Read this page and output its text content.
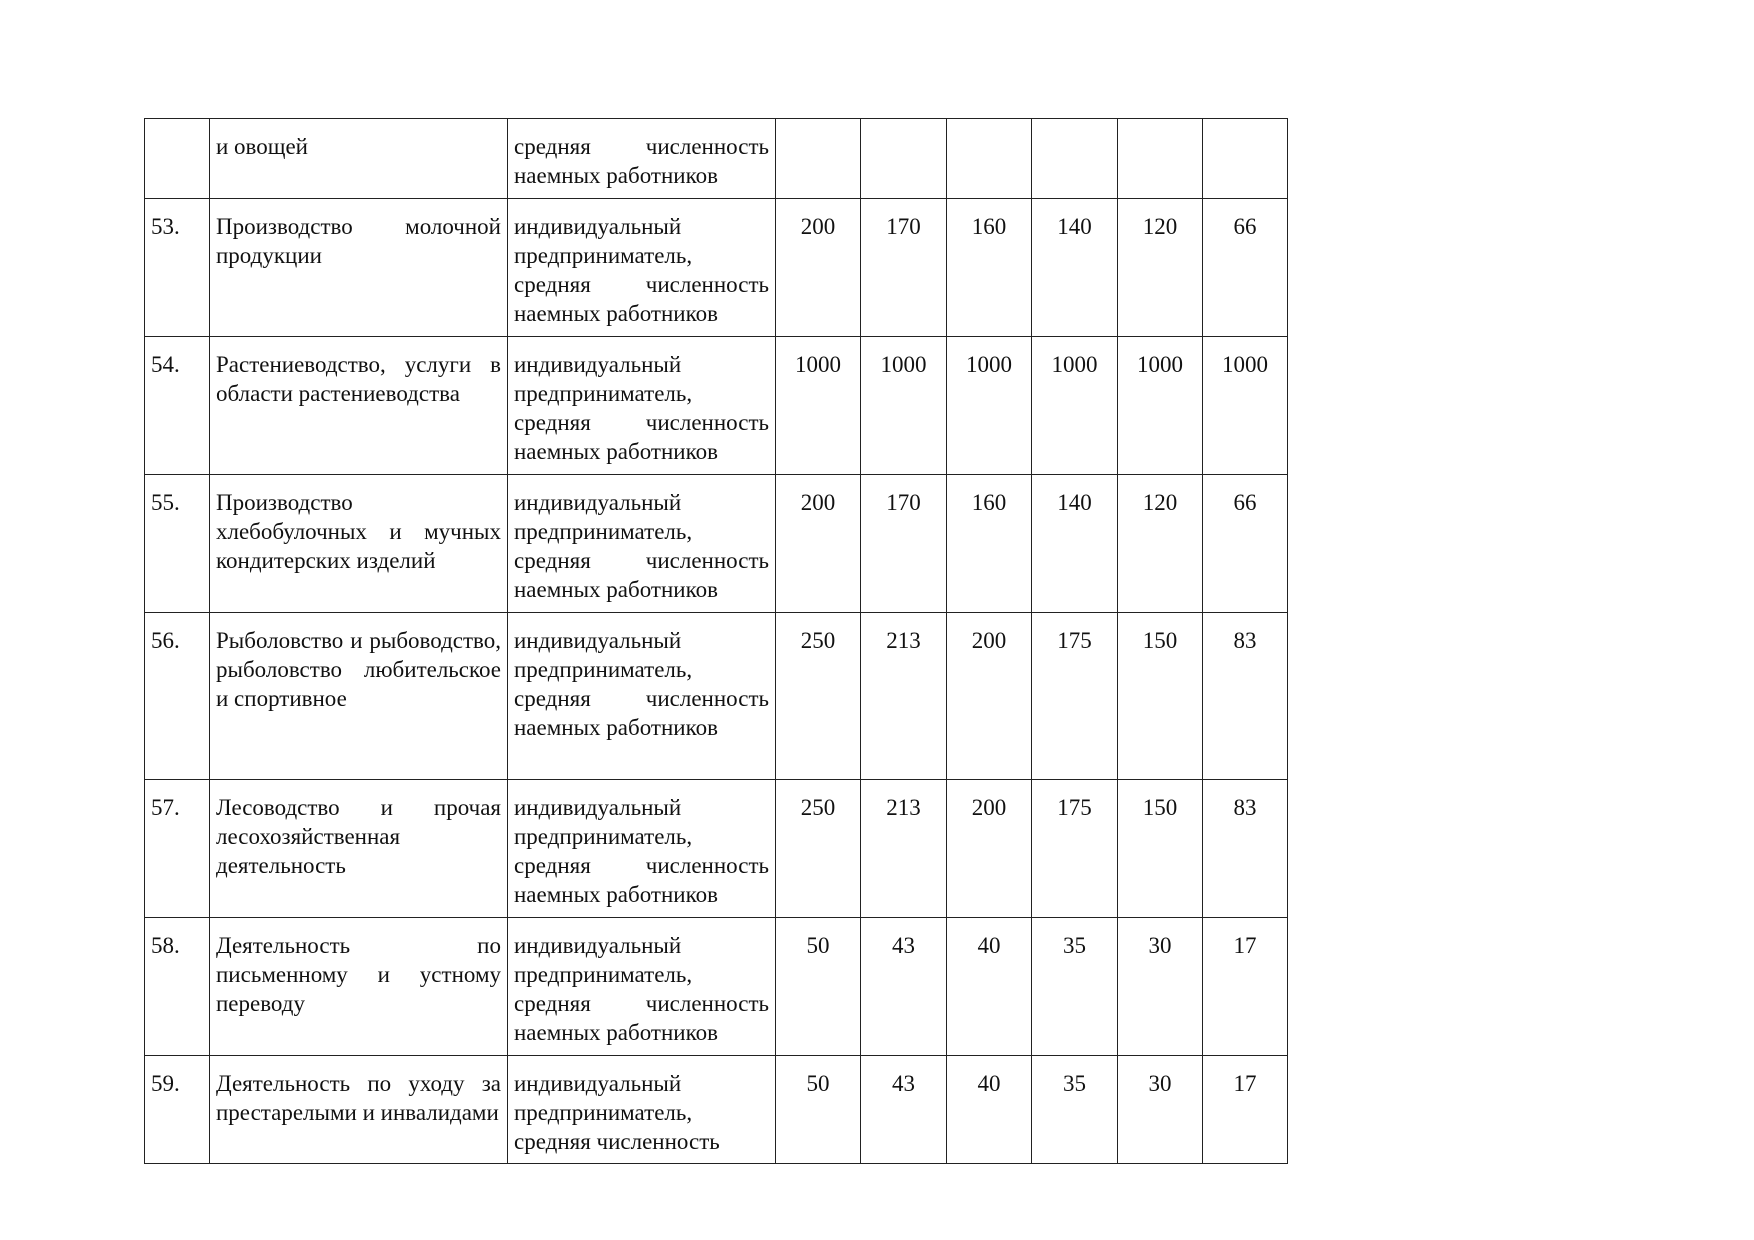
	и овощей	средняя численность
наемных работников						

53.	Производство молочной продукции	индивидуальный
предприниматель,
средняя численность
наемных работников	200	170	160	140	120	66
54.	Растениеводство, услуги в области растениеводства	индивидуальный
предприниматель,
средняя численность
наемных работников	1000	1000	1000	1000	1000	1000
55.	Производство хлебобулочных и мучных кондитерских изделий	индивидуальный
предприниматель,
средняя численность
наемных работников	200	170	160	140	120	66
56.	Рыболовство и рыбоводство, рыболовство любительское и спортивное	индивидуальный
предприниматель,
средняя численность
наемных работников	250	213	200	175	150	83
57.	Лесоводство и прочая лесохозяйственная деятельность	индивидуальный
предприниматель,
средняя численность
наемных работников	250	213	200	175	150	83
58.	Деятельность по письменному и устному переводу	индивидуальный
предприниматель,
средняя численность
наемных работников	50	43	40	35	30	17
59.	Деятельность по уходу за престарелыми и инвалидами	индивидуальный
предприниматель,
средняя численность	50	43	40	35	30	17
